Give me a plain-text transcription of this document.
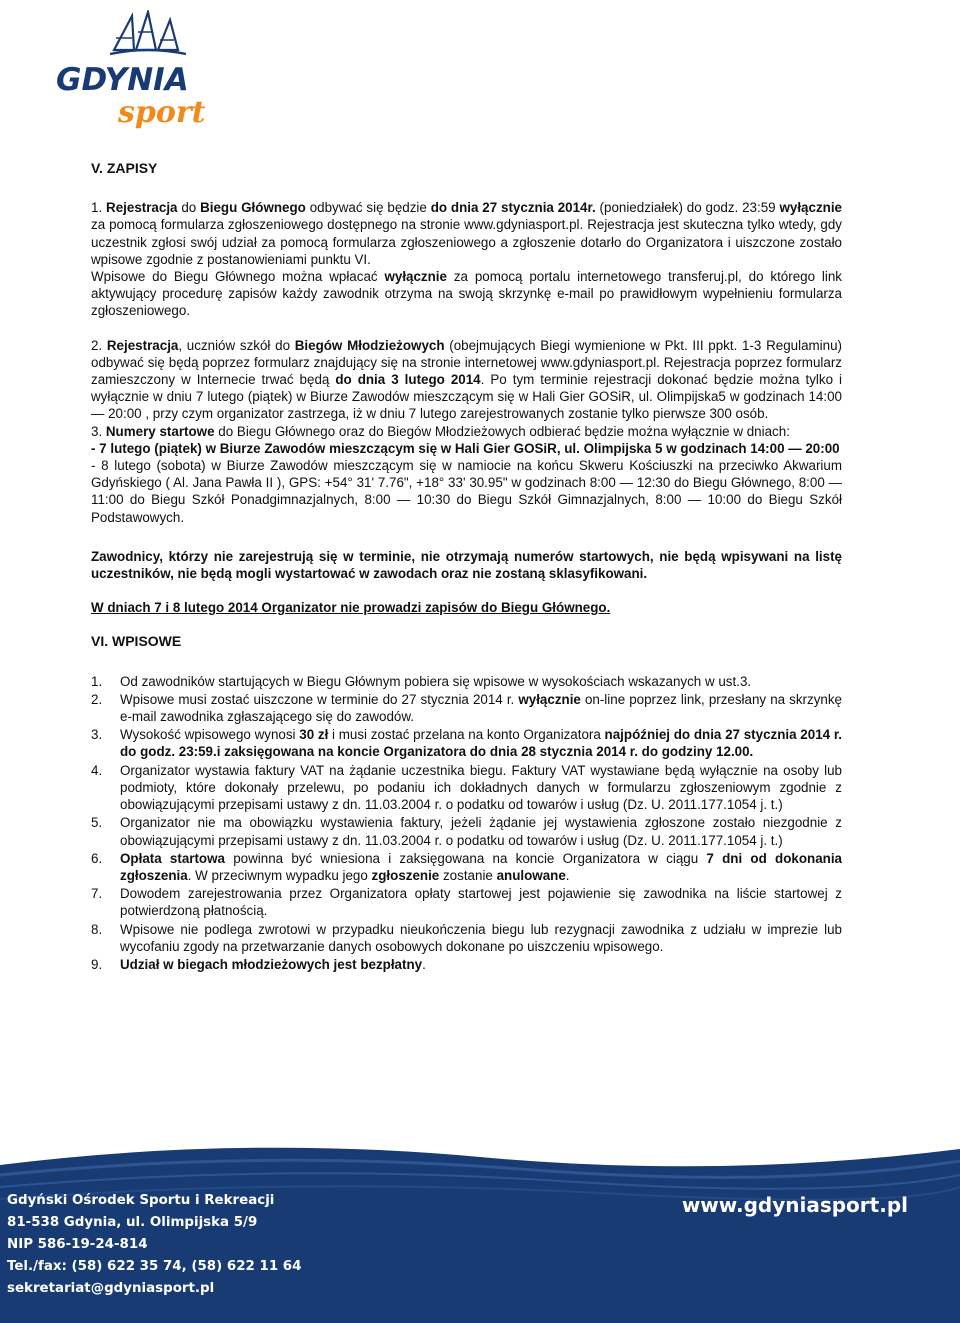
GDYNIA
sport

V. ZAPISY

1. Rejestracja do Biegu Głównego odbywać się będzie do dnia 27 stycznia 2014r. (poniedziałek) do godz. 23:59 wyłącznie za pomocą formularza zgłoszeniowego dostępnego na stronie www.gdyniasport.pl. Rejestracja jest skuteczna tylko wtedy, gdy uczestnik zgłosi swój udział za pomocą formularza zgłoszeniowego a zgłoszenie dotarło do Organizatora i uiszczone zostało wpisowe zgodnie z postanowieniami punktu VI.

Wpisowe do Biegu Głównego można wpłacać wyłącznie za pomocą portalu internetowego transferuj.pl, do którego link aktywujący procedurę zapisów każdy zawodnik otrzyma na swoją skrzynkę e-mail po prawidłowym wypełnieniu formularza zgłoszeniowego.

2. Rejestracja, uczniów szkół do Biegów Młodzieżowych (obejmujących Biegi wymienione w Pkt. III ppkt. 1-3 Regulaminu) odbywać się będą poprzez formularz znajdujący się na stronie internetowej www.gdyniasport.pl. Rejestracja poprzez formularz zamieszczony w Internecie trwać będą do dnia 3 lutego 2014. Po tym terminie rejestracji dokonać będzie można tylko i wyłącznie w dniu 7 lutego (piątek) w Biurze Zawodów mieszczącym się w Hali Gier GOSiR, ul. Olimpijska5 w godzinach 14:00 — 20:00 , przy czym organizator zastrzega, iż w dniu 7 lutego zarejestrowanych zostanie tylko pierwsze 300 osób.

3. Numery startowe do Biegu Głównego oraz do Biegów Młodzieżowych odbierać będzie można wyłącznie w dniach:

- 7 lutego (piątek) w Biurze Zawodów mieszczącym się w Hali Gier GOSiR, ul. Olimpijska 5 w godzinach 14:00 — 20:00

- 8 lutego (sobota) w Biurze Zawodów mieszczącym się w namiocie na końcu Skweru Kościuszki na przeciwko Akwarium Gdyńskiego ( Al. Jana Pawła II ), GPS: +54° 31' 7.76", +18° 33' 30.95" w godzinach 8:00 — 12:30 do Biegu Głównego, 8:00 — 11:00 do Biegu Szkół Ponadgimnazjalnych, 8:00 — 10:30 do Biegu Szkół Gimnazjalnych, 8:00 — 10:00 do Biegu Szkół Podstawowych.

Zawodnicy, którzy nie zarejestrują się w terminie, nie otrzymają numerów startowych, nie będą wpisywani na listę uczestników, nie będą mogli wystartować w zawodach oraz nie zostaną sklasyfikowani.

W dniach 7 i 8 lutego 2014 Organizator nie prowadzi zapisów do Biegu Głównego.

VI. WPISOWE

1. Od zawodników startujących w Biegu Głównym pobiera się wpisowe w wysokościach wskazanych w ust.3.
2. Wpisowe musi zostać uiszczone w terminie do 27 stycznia 2014 r. wyłącznie on-line poprzez link, przesłany na skrzynkę e-mail zawodnika zgłaszającego się do zawodów.
3. Wysokość wpisowego wynosi 30 zł i musi zostać przelana na konto Organizatora najpóźniej do dnia 27 stycznia 2014 r. do godz. 23:59.i zaksięgowana na koncie Organizatora do dnia 28 stycznia 2014 r. do godziny 12.00.
4. Organizator wystawia faktury VAT na żądanie uczestnika biegu. Faktury VAT wystawiane będą wyłącznie na osoby lub podmioty, które dokonały przelewu, po podaniu ich dokładnych danych w formularzu zgłoszeniowym zgodnie z obowiązującymi przepisami ustawy z dn. 11.03.2004 r. o podatku od towarów i usług (Dz. U. 2011.177.1054 j. t.)
5. Organizator nie ma obowiązku wystawienia faktury, jeżeli żądanie jej wystawienia zgłoszone zostało niezgodnie z obowiązującymi przepisami ustawy z dn. 11.03.2004 r. o podatku od towarów i usług (Dz. U. 2011.177.1054 j. t.)
6. Opłata startowa powinna być wniesiona i zaksięgowana na koncie Organizatora w ciągu 7 dni od dokonania zgłoszenia. W przeciwnym wypadku jego zgłoszenie zostanie anulowane.
7. Dowodem zarejestrowania przez Organizatora opłaty startowej jest pojawienie się zawodnika na liście startowej z potwierdzoną płatnością.
8. Wpisowe nie podlega zwrotowi w przypadku nieukończenia biegu lub rezygnacji zawodnika z udziału w imprezie lub wycofaniu zgody na przetwarzanie danych osobowych dokonane po uiszczeniu wpisowego.
9. Udział w biegach młodzieżowych jest bezpłatny.
Gdyński Ośrodek Sportu i Rekreacji
81-538 Gdynia, ul. Olimpijska 5/9
NIP 586-19-24-814
Tel./fax: (58) 622 35 74, (58) 622 11 64
sekretariat@gdyniasport.pl
www.gdyniasport.pl
